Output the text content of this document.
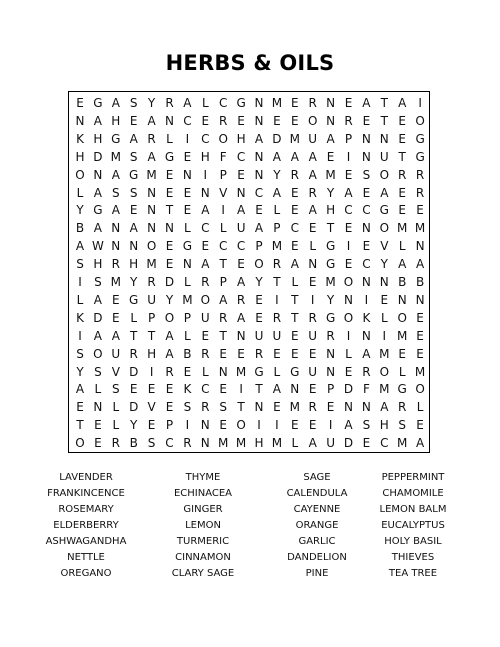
HERBS & OILS
E G A S Y R A L C G N M E R N E A T A	I
N A H E A N C E R E N E E O N R E T E O
K H G A R L	I C O H A D M U A P N N E G
H D M S A G E H F C N A A A E	I N U T G
O N A G M E N I	P E N Y R A M E S O R R
L A S S N E E N V N C A E R Y A E A E R
Y G A E N T E A	I	A E L E A H C C G E E
B A N A N N L C L U A P C E T E N O M M
A W N N O E G E C C P M E L G I	E V L N
S H R H M E N A T E O R A N G E C Y A A
I	S M Y R D L R P A Y T L E M O N N B B
L A E G U Y M O A R E	I	T	I	Y N I	E N N
K D E L P O P U R A E R T R G O K L O E
I	A A T T A L E T N U U E U R I N I M E
S O U R H A B R E E R E E E N L A M E E
Y S V D I R E L N M G L G U N E R O L M
A L S E E E K C E	I	T A N E P D F M G O
E N L D V E S R S T N E M R E N N A R L
T E L Y E P	I N E O I	I	E E	I	A S H S E
O E R B S C R N M M H M L A U D E C M A
LAVENDER	THYME	SAGE	PEPPERMINT
FRANKINCENCE	ECHINACEA	CALENDULA	CHAMOMILE
ROSEMARY	GINGER	CAYENNE	LEMON BALM
ELDERBERRY	LEMON	ORANGE	EUCALYPTUS
ASHWAGANDHA	TURMERIC	GARLIC	HOLY BASIL
NETTLE	CINNAMON	DANDELION	THIEVES
OREGANO	CLARY SAGE	PINE	TEA TREE
